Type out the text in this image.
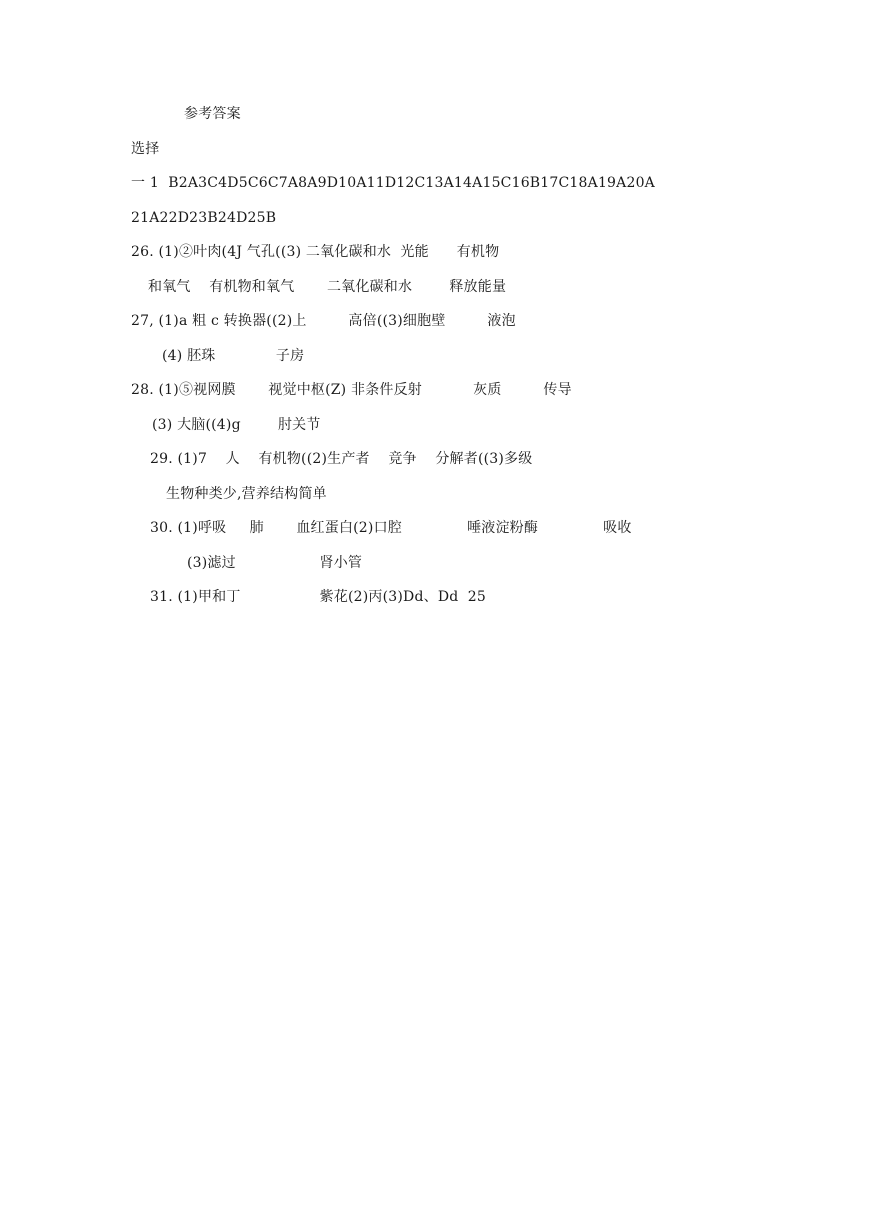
参考答案
选择
一 1  B2A3C4D5C6C7A8A9D10A11D12C13A14A15C16B17C18A19A20A
21A22D23B24D25B
26. (1)②叶肉(4J 气孔((3) 二氧化碳和水  光能      有机物
和氧气    有机物和氧气       二氧化碳和水        释放能量
27, (1)a 粗 c 转换器((2)上         高倍((3)细胞壁         液泡
(4) 胚珠             子房
28. (1)⑤视网膜       视觉中枢(Z) 非条件反射           灰质         传导
(3) 大脑((4)g        肘关节
29. (1)7    人    有机物((2)生产者    竞争    分解者((3)多级
生物种类少,营养结构简单
30. (1)呼吸     肺       血红蛋白(2)口腔              唾液淀粉酶              吸收
(3)滤过                  肾小管
31. (1)甲和丁                 紫花(2)丙(3)Dd、Dd  25
